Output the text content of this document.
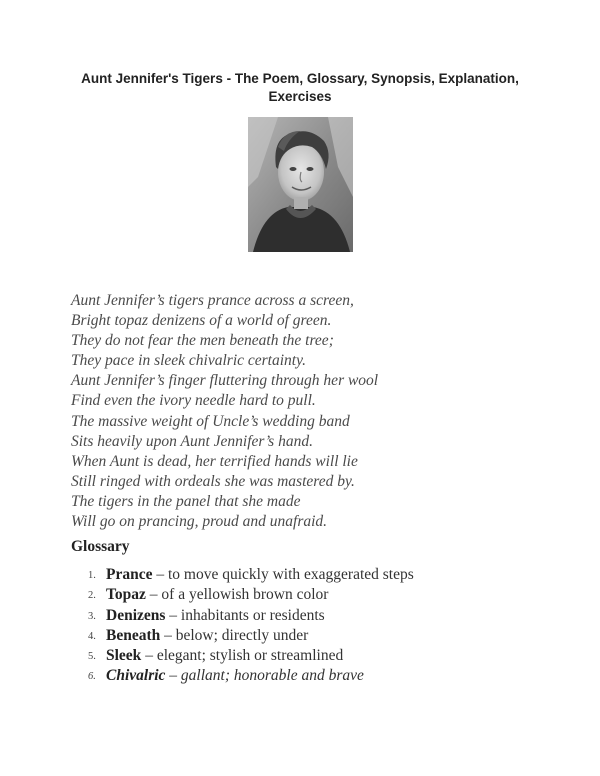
Aunt Jennifer's Tigers - The Poem, Glossary, Synopsis, Explanation, Exercises
Aunt Jennifer’s tigers prance across a screen,
Bright topaz denizens of a world of green.
They do not fear the men beneath the tree;
They pace in sleek chivalric certainty.
Aunt Jennifer’s finger fluttering through her wool
Find even the ivory needle hard to pull.
The massive weight of Uncle’s wedding band
Sits heavily upon Aunt Jennifer’s hand.
When Aunt is dead, her terrified hands will lie
Still ringed with ordeals she was mastered by.
The tigers in the panel that she made
Will go on prancing, proud and unafraid.
Glossary
1. Prance – to move quickly with exaggerated steps
2. Topaz – of a yellowish brown color
3. Denizens – inhabitants or residents
4. Beneath – below; directly under
5. Sleek – elegant; stylish or streamlined
6. Chivalric – gallant; honorable and brave
